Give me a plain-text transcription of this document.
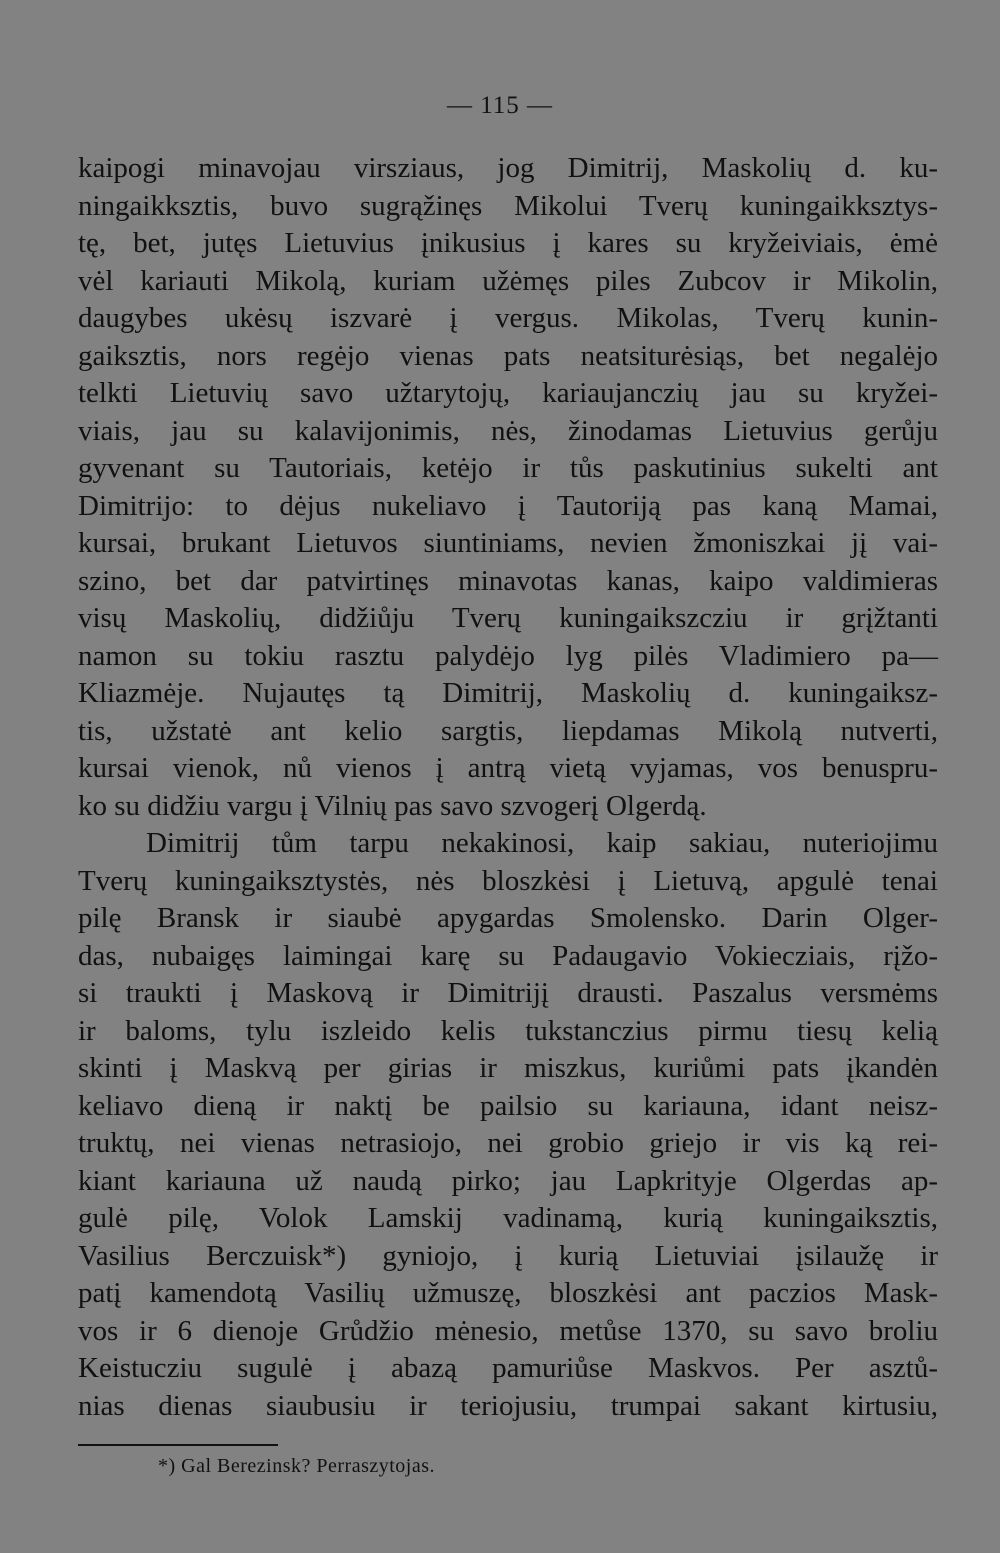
— 115 —
kaipogi minavojau virsziaus, jog Dimitrij, Maskolių d. ku-
ningaikksztis, buvo sugrąžinęs Mikolui Tverų kuningaikksztys-
tę, bet, jutęs Lietuvius įnikusius į kares su kryžeiviais, ėmė
vėl kariauti Mikolą, kuriam užėmęs piles Zubcov ir Mikolin,
daugybes ukėsų iszvarė į vergus. Mikolas, Tverų kunin-
gaiksztis, nors regėjo vienas pats neatsiturėsiąs, bet negalėjo
telkti Lietuvių savo užtarytojų, kariaujanczių jau su kryžei-
viais, jau su kalavijonimis, nės, žinodamas Lietuvius gerůju
gyvenant su Tautoriais, ketėjo ir tůs paskutinius sukelti ant
Dimitrijo: to dėjus nukeliavo į Tautoriją pas kaną Mamai,
kursai, brukant Lietuvos siuntiniams, nevien žmoniszkai jį vai-
szino, bet dar patvirtinęs minavotas kanas, kaipo valdimieras
visų Maskolių, didžiůju Tverų kuningaikszcziu ir grįžtanti
namon su tokiu rasztu palydėjo lyg pilės Vladimiero pa—
Kliazmėje. Nujautęs tą Dimitrij, Maskolių d. kuningaiksz-
tis, užstatė ant kelio sargtis, liepdamas Mikolą nutverti,
kursai vienok, nů vienos į antrą vietą vyjamas, vos benuspru-
ko su didžiu vargu į Vilnių pas savo szvogerį Olgerdą.
Dimitrij tům tarpu nekakinosi, kaip sakiau, nuteriojimu
Tverų kuningaiksztystės, nės bloszkėsi į Lietuvą, apgulė tenai
pilę Bransk ir siaubė apygardas Smolensko. Darin Olger-
das, nubaigęs laimingai karę su Padaugavio Vokiecziais, rįžo-
si traukti į Maskovą ir Dimitrijį drausti. Paszalus versmėms
ir baloms, tylu iszleido kelis tukstanczius pirmu tiesų kelią
skinti į Maskvą per girias ir miszkus, kuriůmi pats įkandėn
keliavo dieną ir naktį be pailsio su kariauna, idant neisz-
truktų, nei vienas netrasiojo, nei grobio griejo ir vis ką rei-
kiant kariauna už naudą pirko; jau Lapkrityje Olgerdas ap-
gulė pilę, Volok Lamskij vadinamą, kurią kuningaiksztis,
Vasilius Berczuisk*) gyniojo, į kurią Lietuviai įsilaužę ir
patį kamendotą Vasilių užmuszę, bloszkėsi ant paczios Mask-
vos ir 6 dienoje Grůdžio mėnesio, metůse 1370, su savo broliu
Keistucziu sugulė į abazą pamuriůse Maskvos. Per asztů-
nias dienas siaubusiu ir teriojusiu, trumpai sakant kirtusiu,
*) Gal Berezinsk? Perraszytojas.
